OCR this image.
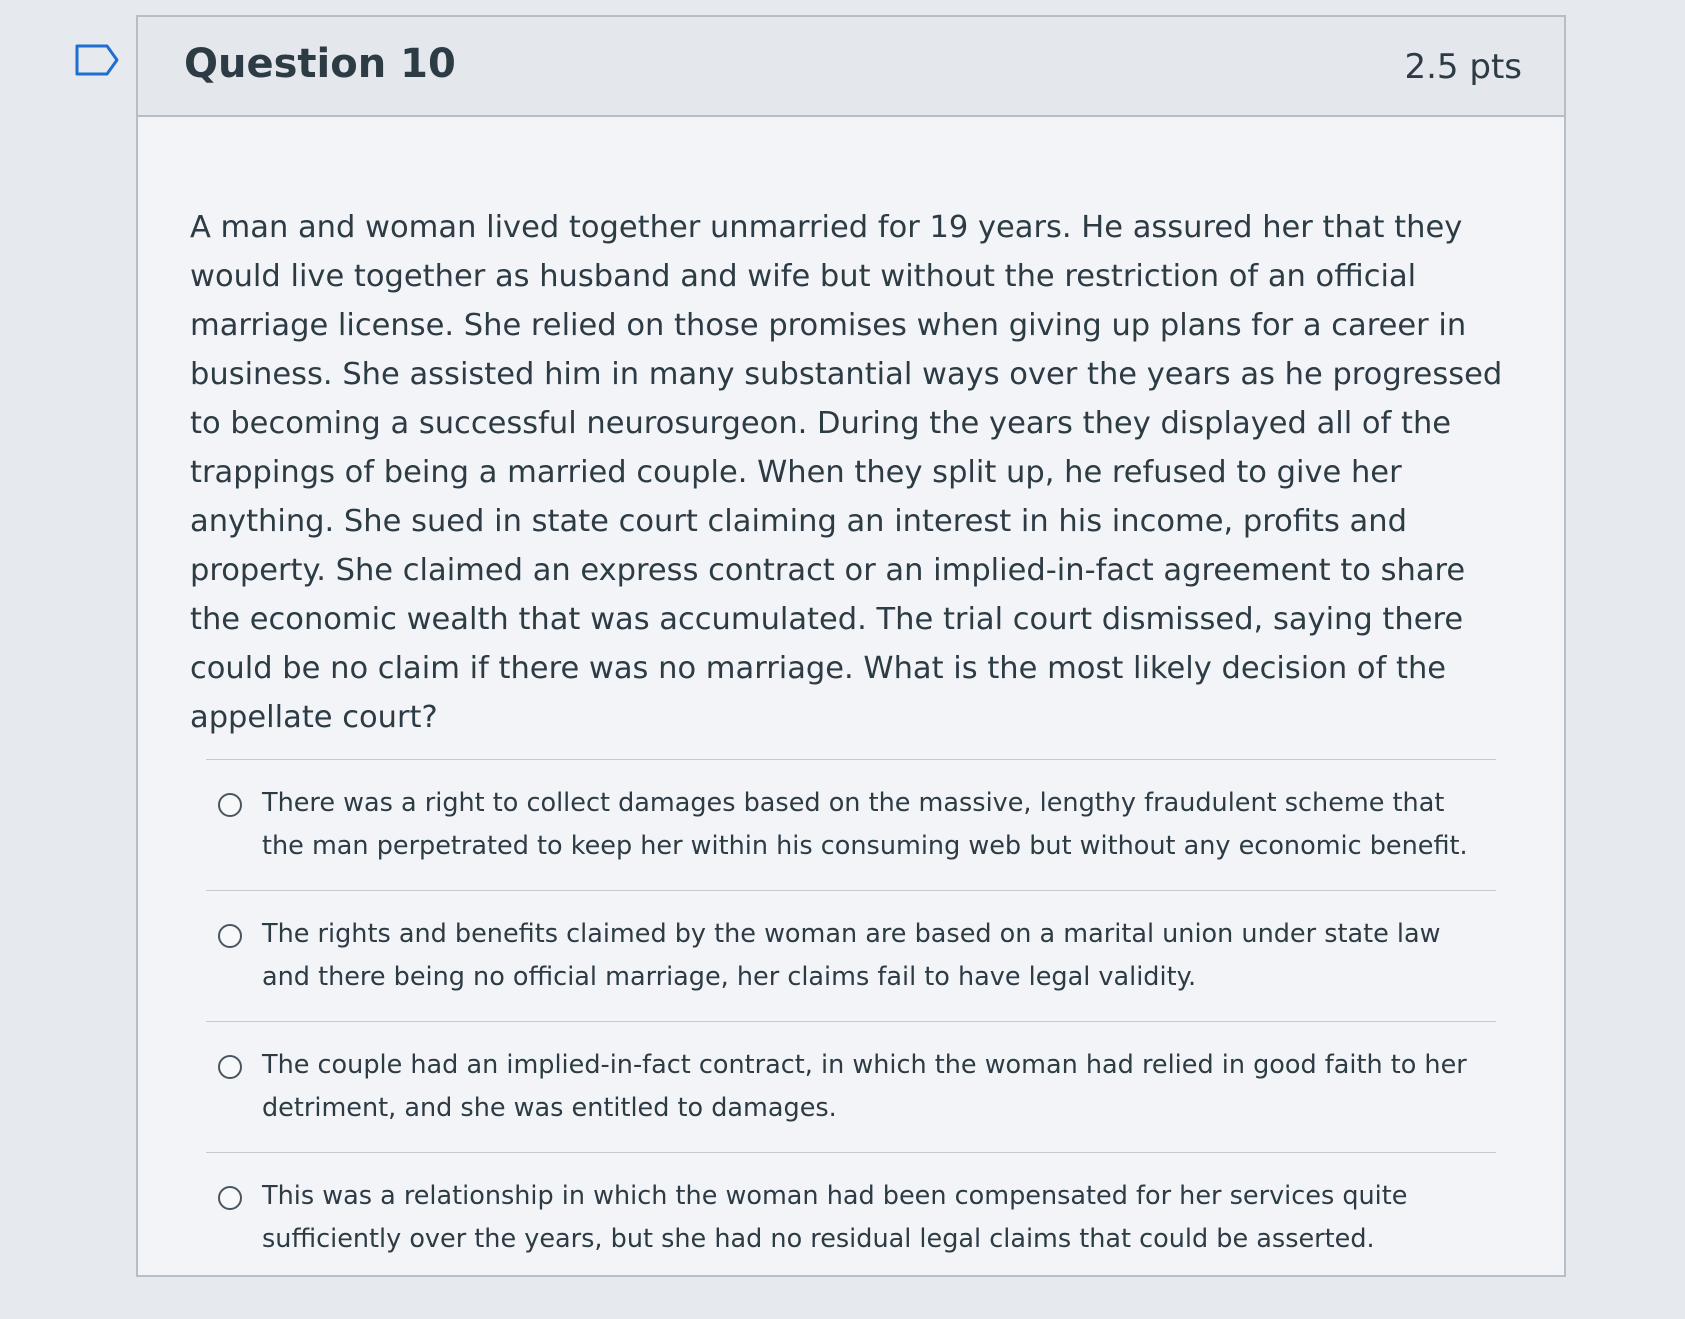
Question 10	2.5 pts
A man and woman lived together unmarried for 19 years. He assured her that they would live together as husband and wife but without the restriction of an official marriage license. She relied on those promises when giving up plans for a career in business. She assisted him in many substantial ways over the years as he progressed to becoming a successful neurosurgeon. During the years they displayed all of the trappings of being a married couple. When they split up, he refused to give her anything. She sued in state court claiming an interest in his income, profits and property. She claimed an express contract or an implied-in-fact agreement to share the economic wealth that was accumulated. The trial court dismissed, saying there could be no claim if there was no marriage. What is the most likely decision of the appellate court?
There was a right to collect damages based on the massive, lengthy fraudulent scheme that the man perpetrated to keep her within his consuming web but without any economic benefit.
The rights and benefits claimed by the woman are based on a marital union under state law and there being no official marriage, her claims fail to have legal validity.
The couple had an implied-in-fact contract, in which the woman had relied in good faith to her detriment, and she was entitled to damages.
This was a relationship in which the woman had been compensated for her services quite sufficiently over the years, but she had no residual legal claims that could be asserted.
